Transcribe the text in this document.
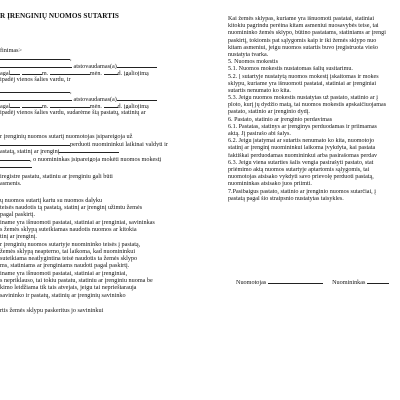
R ĮRENGINIŲ NUOMOS SUTARTIS
finimas>
,
atstovaudamas(a)
agal	m.	mėn.	d. įgaliojimą
ipadėj vienos šalies vardu, ir
,
atstovaudamas(a)
agal	m.	mėn.	d. įgaliojimą
ipadėj vienos šalies vardu, sudarėme šią pastatų, statinių ar
r įrenginių nuomos sutartį nuomotojas įsipareigoja už
perduoti nuomininkui laikinai valdyti ir
astatą, statinį ar įrenginį
, o nuomininkas įsipareigoja mokėti nuomos mokestį
iregistre pastatu, statiniu ar įrenginiu gali būti
asmenis.
ų nuomos sutartį kartu su nuomos dalyku
teisės naudotis tą pastatą, statinį ar įrenginį užimtu žemės
pagal paskirtį.
iname yra išnuomoti pastatai, statiniai ar įrenginiai, savininkas
s žemės sklypą suteikiamas naudotis nuomos ar kitokia
tinį ar įrenginį.
r įrenginių nuomos sutartyje nuomininko teisės į pastatą,
žemės sklypą neapterno, tai laikoma, kad nuomininkui
suteikiama neatlygintina teisė naudotis ta žemės sklypo
ms, statiniams ar įrenginiams naudoti pagal paskirtį.
iname yra išnuomoti pastatai, statiniai ar įrenginiai,
s nepriklauso, tai tokiu pastatu, statiniu ar įrenginiu nuoma be
kimo leidžiama tik tais atvejais, jeigu tai neprieštarauja
savininko ir pastatų, statinių ar įrenginių savininko
rtis žemės sklypu paskeritus jo savininkui
Kai žemės sklypas, kuriame yra išnuomoti pastatai, statiniai
kitokiu pagrindu perėina kitam asmeniui nuosavybės teise, tai
nuomininko žemės sklypo, būtino pastatams, statiniams ar įrengi
paskirtį, tokiomis pat sąlygomis kaip ir iki žemės sklypo nuo
kitam asmeniui, jeigu nuomos sutartis buvo įregistruota viešo
nustatyta tvarka.
5. Nuomos mokestis
5.1. Nuomos mokestis nustatomas šalių susitarimu.
5.2. [ sutartyje nustatytą nuomos mokestį įskaitomas ir mokes
sklypu, kuriame yra išnuomoti pastatai, statiniai ar įrenginiai
sutartis nenumato ko kita.
5.3. Jeigu nuomos mokestis nustatytas už pastato, statinio ar į
ploto, kurį jų dydžio matą, tai nuomos mokestis apskaičiuojamas
pastato, statinio ar įrenginio dydį.
6. Pastato, statinio ar įrenginio perdavimas
6.1. Pastatas, statinys ar įrenginys perduodamas ir priimamas
aktą. Jį pasirašo abi šalys.
6.2. Jeigu įstatymai ar sutartis nenumato ko kita, nuomotojo
statinį ar įrenginį nuomininkui laikoma įvykdyta, kai pastata
faktiškai perduodamas nuomininkui arba pasirašomas perdav
6.3. Jeigu viena sutarties šalis vengia pasirašyti pastato, stat
priėmimo aktą nuomos sutartyje aptartomis sąlygomis, tai
nuomotojas atsisako vykdyti savo prievolę perduoti pastatą,
nuomininkas atsisako juos priimti.
7.Pasibaigus pastato, statinio ar įrenginio nuomos sutarčiai, į
pastatą pagal šio straipsnio nustatytas taisykles.
Nuomotojas	Nuomininkas
